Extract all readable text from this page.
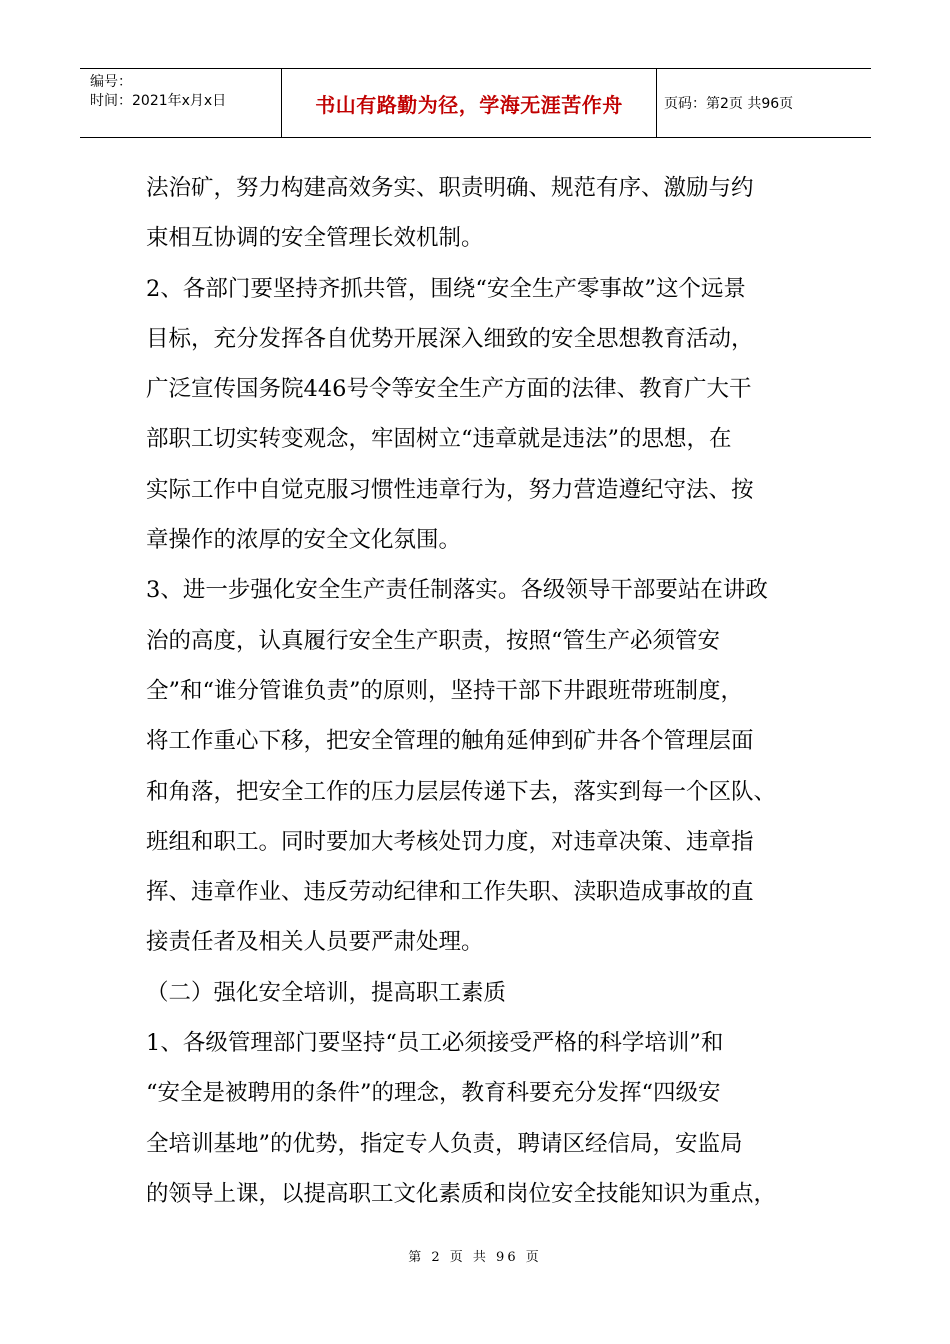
编号：
时间：2021年x月x日	书山有路勤为径，学海无涯苦作舟	页码：第2页 共96页

法治矿，努力构建高效务实、职责明确、规范有序、激励与约

束相互协调的安全管理长效机制。

2、各部门要坚持齐抓共管，围绕“安全生产零事故”这个远景

目标，充分发挥各自优势开展深入细致的安全思想教育活动，

广泛宣传国务院446号令等安全生产方面的法律、教育广大干

部职工切实转变观念，牢固树立“违章就是违法”的思想，在

实际工作中自觉克服习惯性违章行为，努力营造遵纪守法、按

章操作的浓厚的安全文化氛围。

3、进一步强化安全生产责任制落实。各级领导干部要站在讲政

治的高度，认真履行安全生产职责，按照“管生产必须管安

全”和“谁分管谁负责”的原则，坚持干部下井跟班带班制度，

将工作重心下移，把安全管理的触角延伸到矿井各个管理层面

和角落，把安全工作的压力层层传递下去，落实到每一个区队、

班组和职工。同时要加大考核处罚力度，对违章决策、违章指

挥、违章作业、违反劳动纪律和工作失职、渎职造成事故的直

接责任者及相关人员要严肃处理。

（二）强化安全培训，提高职工素质

1、各级管理部门要坚持“员工必须接受严格的科学培训”和

“安全是被聘用的条件”的理念，教育科要充分发挥“四级安

全培训基地”的优势，指定专人负责，聘请区经信局，安监局

的领导上课，以提高职工文化素质和岗位安全技能知识为重点，

第 2 页 共 96 页
